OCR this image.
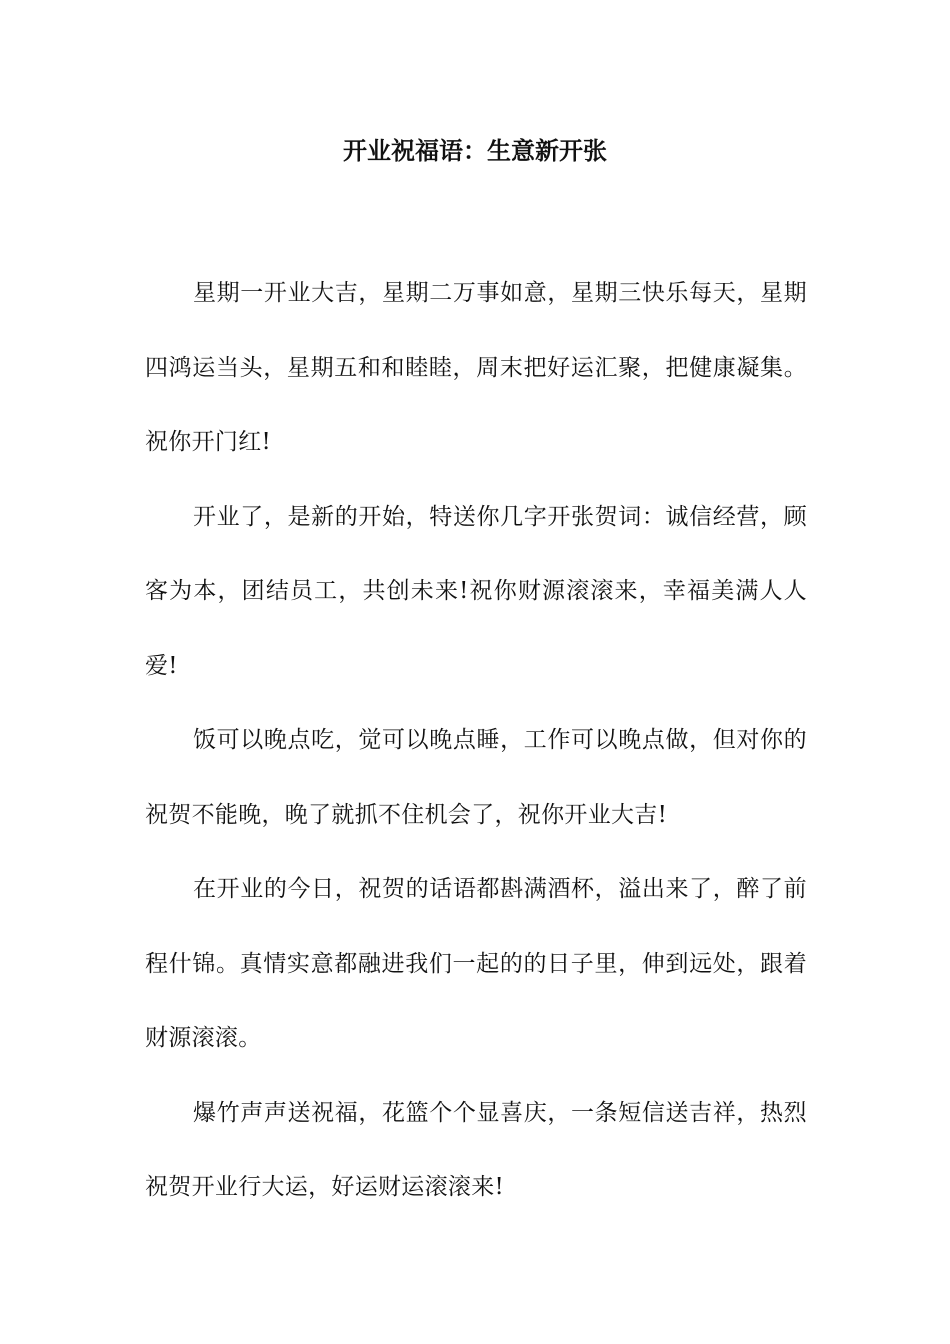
开业祝福语：生意新开张

星期一开业大吉，星期二万事如意，星期三快乐每天，星期四鸿运当头，星期五和和睦睦，周末把好运汇聚，把健康凝集。祝你开门红!

开业了，是新的开始，特送你几字开张贺词：诚信经营，顾客为本，团结员工，共创未来!祝你财源滚滚来，幸福美满人人爱!

饭可以晚点吃，觉可以晚点睡，工作可以晚点做，但对你的祝贺不能晚，晚了就抓不住机会了，祝你开业大吉!

在开业的今日，祝贺的话语都斟满酒杯，溢出来了，醉了前程什锦。真情实意都融进我们一起的的日子里，伸到远处，跟着财源滚滚。

爆竹声声送祝福，花篮个个显喜庆，一条短信送吉祥，热烈祝贺开业行大运，好运财运滚滚来!
